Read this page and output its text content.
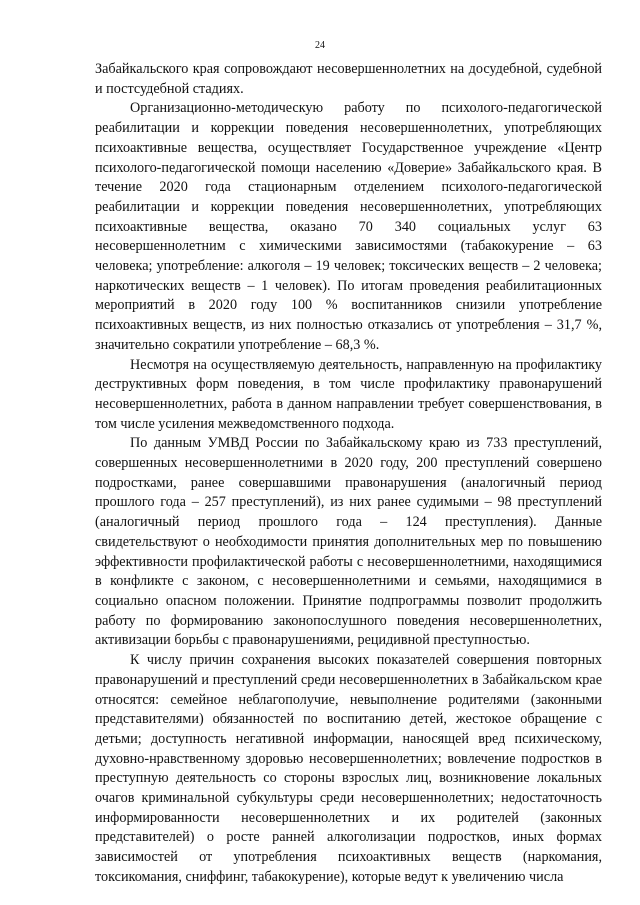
24

Забайкальского края сопровождают несовершеннолетних на досудебной, судебной и постсудебной стадиях.

Организационно-методическую работу по психолого-педагогической реабилитации и коррекции поведения несовершеннолетних, употребляющих психоактивные вещества, осуществляет Государственное учреждение «Центр психолого-педагогической помощи населению «Доверие» Забайкальского края. В течение 2020 года стационарным отделением психолого-педагогической реабилитации и коррекции поведения несовершеннолетних, употребляющих психоактивные вещества, оказано 70 340 социальных услуг 63 несовершеннолетним с химическими зависимостями (табакокурение – 63 человека; употребление: алкоголя – 19 человек; токсических веществ – 2 человека; наркотических веществ – 1 человек). По итогам проведения реабилитационных мероприятий в 2020 году 100 % воспитанников снизили употребление психоактивных веществ, из них полностью отказались от употребления – 31,7 %, значительно сократили употребление – 68,3 %.

Несмотря на осуществляемую деятельность, направленную на профилактику деструктивных форм поведения, в том числе профилактику правонарушений несовершеннолетних, работа в данном направлении требует совершенствования, в том числе усиления межведомственного подхода.

По данным УМВД России по Забайкальскому краю из 733 преступлений, совершенных несовершеннолетними в 2020 году, 200 преступлений совершено подростками, ранее совершавшими правонарушения (аналогичный период прошлого года – 257 преступлений), из них ранее судимыми – 98 преступлений (аналогичный период прошлого года – 124 преступления). Данные свидетельствуют о необходимости принятия дополнительных мер по повышению эффективности профилактической работы с несовершеннолетними, находящимися в конфликте с законом, с несовершеннолетними и семьями, находящимися в социально опасном положении. Принятие подпрограммы позволит продолжить работу по формированию законопослушного поведения несовершеннолетних, активизации борьбы с правонарушениями, рецидивной преступностью.

К числу причин сохранения высоких показателей совершения повторных правонарушений и преступлений среди несовершеннолетних в Забайкальском крае относятся: семейное неблагополучие, невыполнение родителями (законными представителями) обязанностей по воспитанию детей, жестокое обращение с детьми; доступность негативной информации, наносящей вред психическому, духовно-нравственному здоровью несовершеннолетних; вовлечение подростков в преступную деятельность со стороны взрослых лиц, возникновение локальных очагов криминальной субкультуры среди несовершеннолетних; недостаточность информированности несовершеннолетних и их родителей (законных представителей) о росте ранней алкоголизации подростков, иных формах зависимостей от употребления психоактивных веществ (наркомания, токсикомания, сниффинг, табакокурение), которые ведут к увеличению числа
